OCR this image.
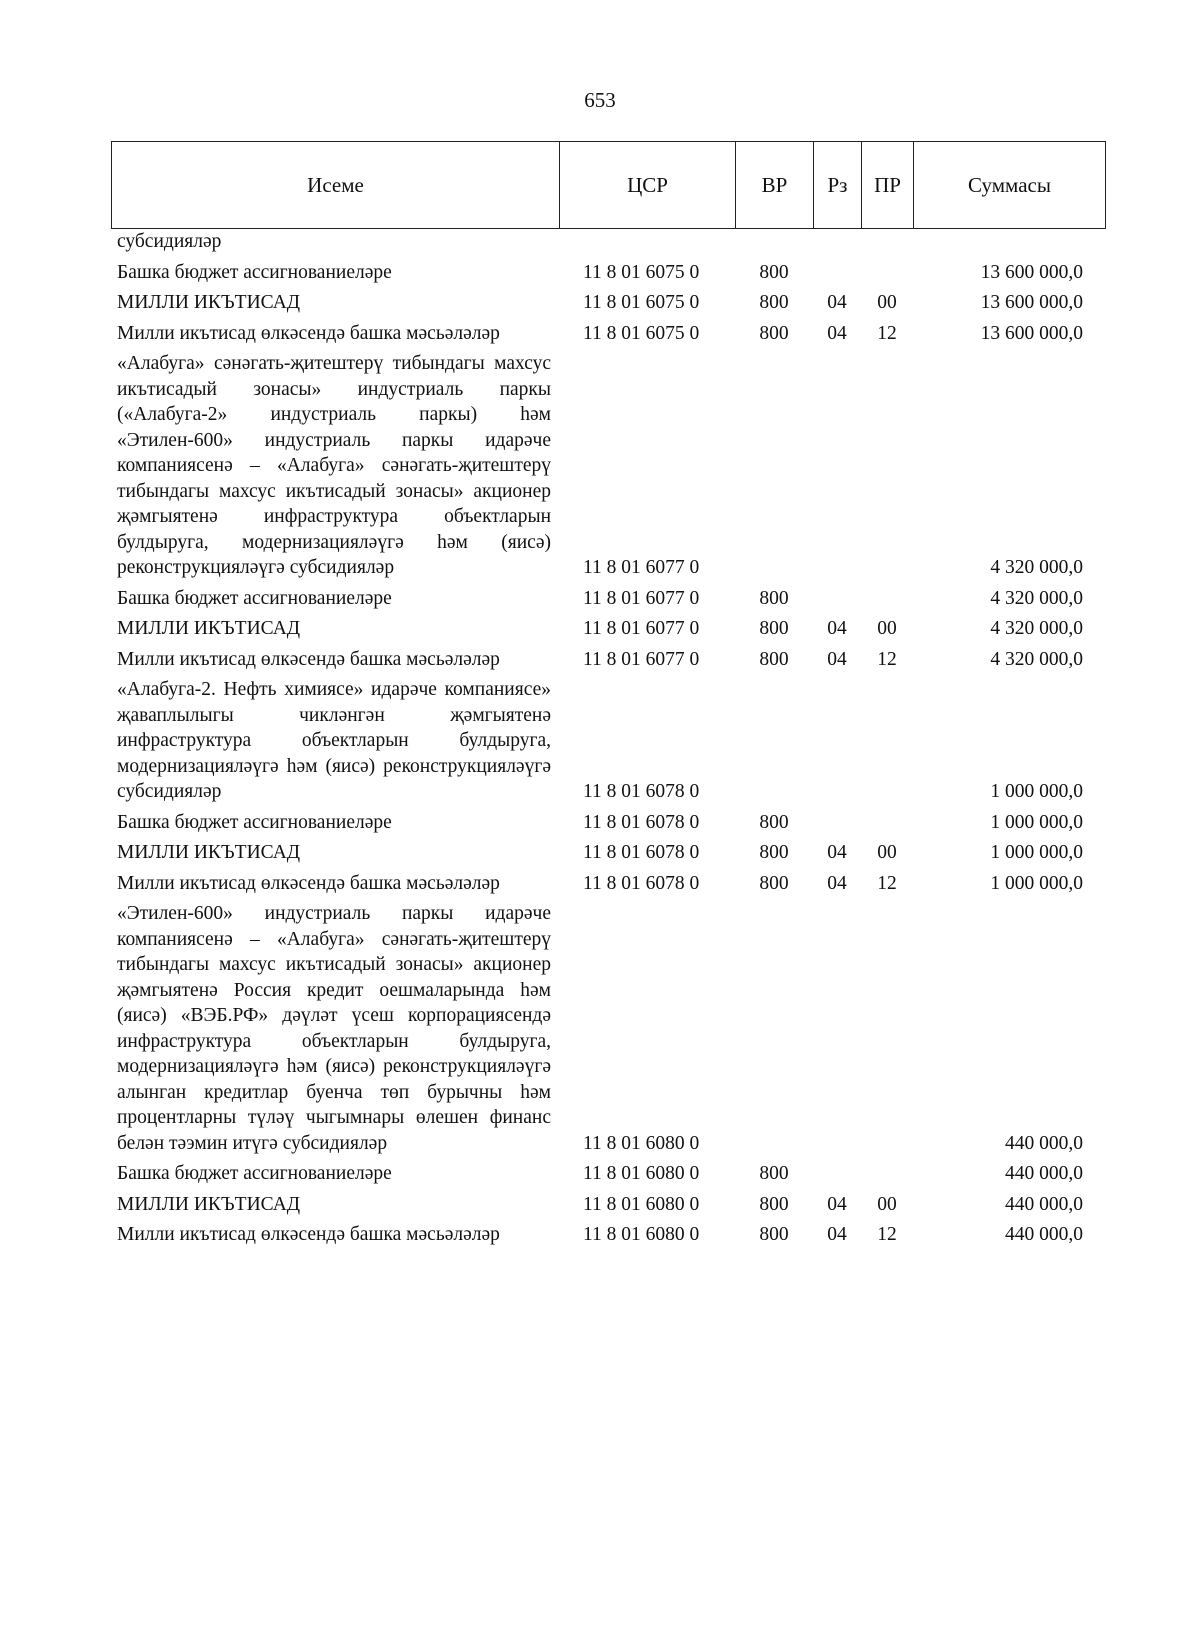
653
Исеме	ЦСР	ВР	Рз	ПР	Суммасы
субсидияләр					
Башка бюджет ассигнованиеләре	11 8 01 6075 0	800			13 600 000,0
МИЛЛИ ИКЪТИСАД	11 8 01 6075 0	800	04	00	13 600 000,0
Милли икътисад өлкәсендә башка мәсьәләләр	11 8 01 6075 0	800	04	12	13 600 000,0
«Алабуга» сәнәгать-җитештерү тибындагы махсус икътисадый зонасы» индустриаль паркы («Алабуга-2» индустриаль паркы) һәм «Этилен-600» индустриаль паркы идарәче компаниясенә – «Алабуга» сәнәгать-җитештерү тибындагы махсус икътисадый зонасы» акционер җәмгыятенә инфраструктура объектларын булдыруга, модернизацияләүгә һәм (яисә) реконструкцияләүгә субсидияләр	11 8 01 6077 0				4 320 000,0
Башка бюджет ассигнованиеләре	11 8 01 6077 0	800			4 320 000,0
МИЛЛИ ИКЪТИСАД	11 8 01 6077 0	800	04	00	4 320 000,0
Милли икътисад өлкәсендә башка мәсьәләләр	11 8 01 6077 0	800	04	12	4 320 000,0
«Алабуга-2. Нефть химиясе» идарәче компаниясе» җаваплылыгы чикләнгән җәмгыятенә инфраструктура объектларын булдыруга, модернизацияләүгә һәм (яисә) реконструкцияләүгә субсидияләр	11 8 01 6078 0				1 000 000,0
Башка бюджет ассигнованиеләре	11 8 01 6078 0	800			1 000 000,0
МИЛЛИ ИКЪТИСАД	11 8 01 6078 0	800	04	00	1 000 000,0
Милли икътисад өлкәсендә башка мәсьәләләр	11 8 01 6078 0	800	04	12	1 000 000,0
«Этилен-600» индустриаль паркы идарәче компаниясенә – «Алабуга» сәнәгать-җитештерү тибындагы махсус икътисадый зонасы» акционер җәмгыятенә Россия кредит оешмаларында һәм (яисә) «ВЭБ.РФ» дәүләт үсеш корпорациясендә инфраструктура объектларын булдыруга, модернизацияләүгә һәм (яисә) реконструкцияләүгә алынган кредитлар буенча төп бурычны һәм процентларны түләү чыгымнары өлешен финанс белән тәэмин итүгә субсидияләр	11 8 01 6080 0				440 000,0
Башка бюджет ассигнованиеләре	11 8 01 6080 0	800			440 000,0
МИЛЛИ ИКЪТИСАД	11 8 01 6080 0	800	04	00	440 000,0
Милли икътисад өлкәсендә башка мәсьәләләр	11 8 01 6080 0	800	04	12	440 000,0
